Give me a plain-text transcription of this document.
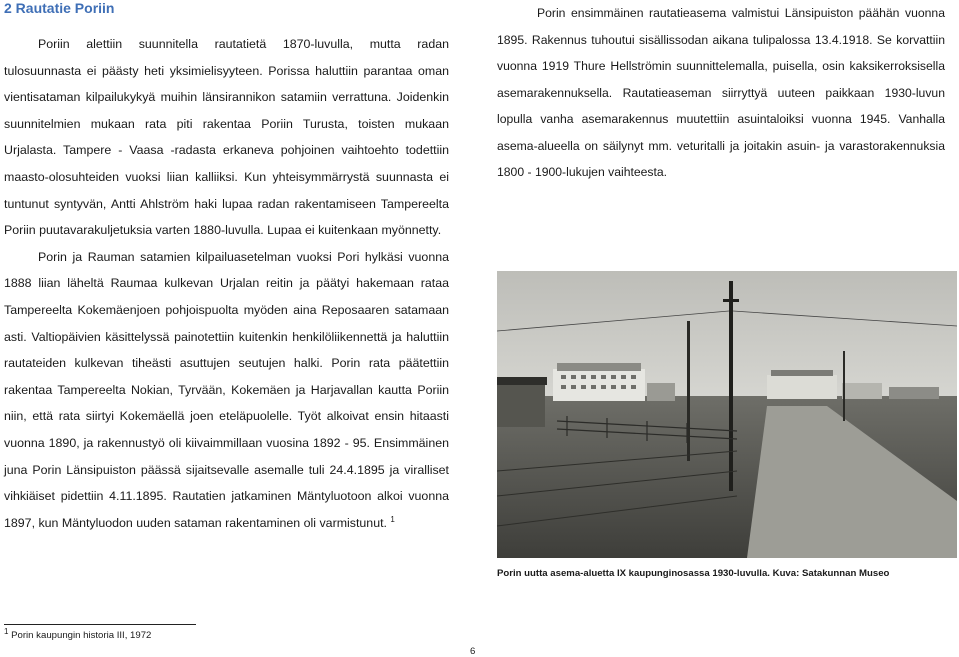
2 Rautatie Poriin

Poriin alettiin suunnitella rautatietä 1870-luvulla, mutta radan tulosuunnasta ei päästy heti yksimielisyyteen. Porissa haluttiin parantaa oman vientisataman kilpailukykyä muihin länsirannikon satamiin verrattuna. Joidenkin suunnitelmien mukaan rata piti rakentaa Poriin Turusta, toisten mukaan Urjalasta. Tampere - Vaasa -radasta erkaneva pohjoinen vaihtoehto todettiin maasto-olosuhteiden vuoksi liian kalliiksi. Kun yhteisymmärrystä suunnasta ei tuntunut syntyvän, Antti Ahlström haki lupaa radan rakentamiseen Tampereelta Poriin puutavarakuljetuksia varten 1880-luvulla. Lupaa ei kuitenkaan myönnetty.

Porin ja Rauman satamien kilpailuasetelman vuoksi Pori hylkäsi vuonna 1888 liian läheltä Raumaa kulkevan Urjalan reitin ja päätyi hakemaan rataa Tampereelta Kokemäenjoen pohjoispuolta myöden aina Reposaaren satamaan asti. Valtiopäivien käsittelyssä painotettiin kuitenkin henkilöliikennettä ja haluttiin rautateiden kulkevan tiheästi asuttujen seutujen halki. Porin rata päätettiin rakentaa Tampereelta Nokian, Tyrvään, Kokemäen ja Harjavallan kautta Poriin niin, että rata siirtyi Kokemäellä joen eteläpuolelle. Työt alkoivat ensin hitaasti vuonna 1890, ja rakennustyö oli kiivaimmillaan vuosina 1892 - 95. Ensimmäinen juna Porin Länsipuiston päässä sijaitsevalle asemalle tuli 24.4.1895 ja viralliset vihkiäiset pidettiin 4.11.1895. Rautatien jatkaminen Mäntyluotoon alkoi vuonna 1897, kun Mäntyluodon uuden sataman rakentaminen oli varmistunut. $^1$

Porin ensimmäinen rautatieasema valmistui Länsipuiston päähän vuonna 1895. Rakennus tuhoutui sisällissodan aikana tulipalossa 13.4.1918. Se korvattiin vuonna 1919 Thure Hellströmin suunnittelemalla, puisella, osin kaksikerroksisella asemarakennuksella. Rautatieaseman siirryttyä uuteen paikkaan 1930-luvun lopulla vanha asemarakennus muutettiin asuintaloiksi vuonna 1945. Vanhalla asema-alueella on säilynyt mm. veturitalli ja joitakin asuin- ja varastorakennuksia 1800 - 1900-lukujen vaihteesta.

Porin uutta asema-aluetta IX kaupunginosassa 1930-luvulla. Kuva: Satakunnan Museo
$^1$ Porin kaupungin historia III, 1972
6
